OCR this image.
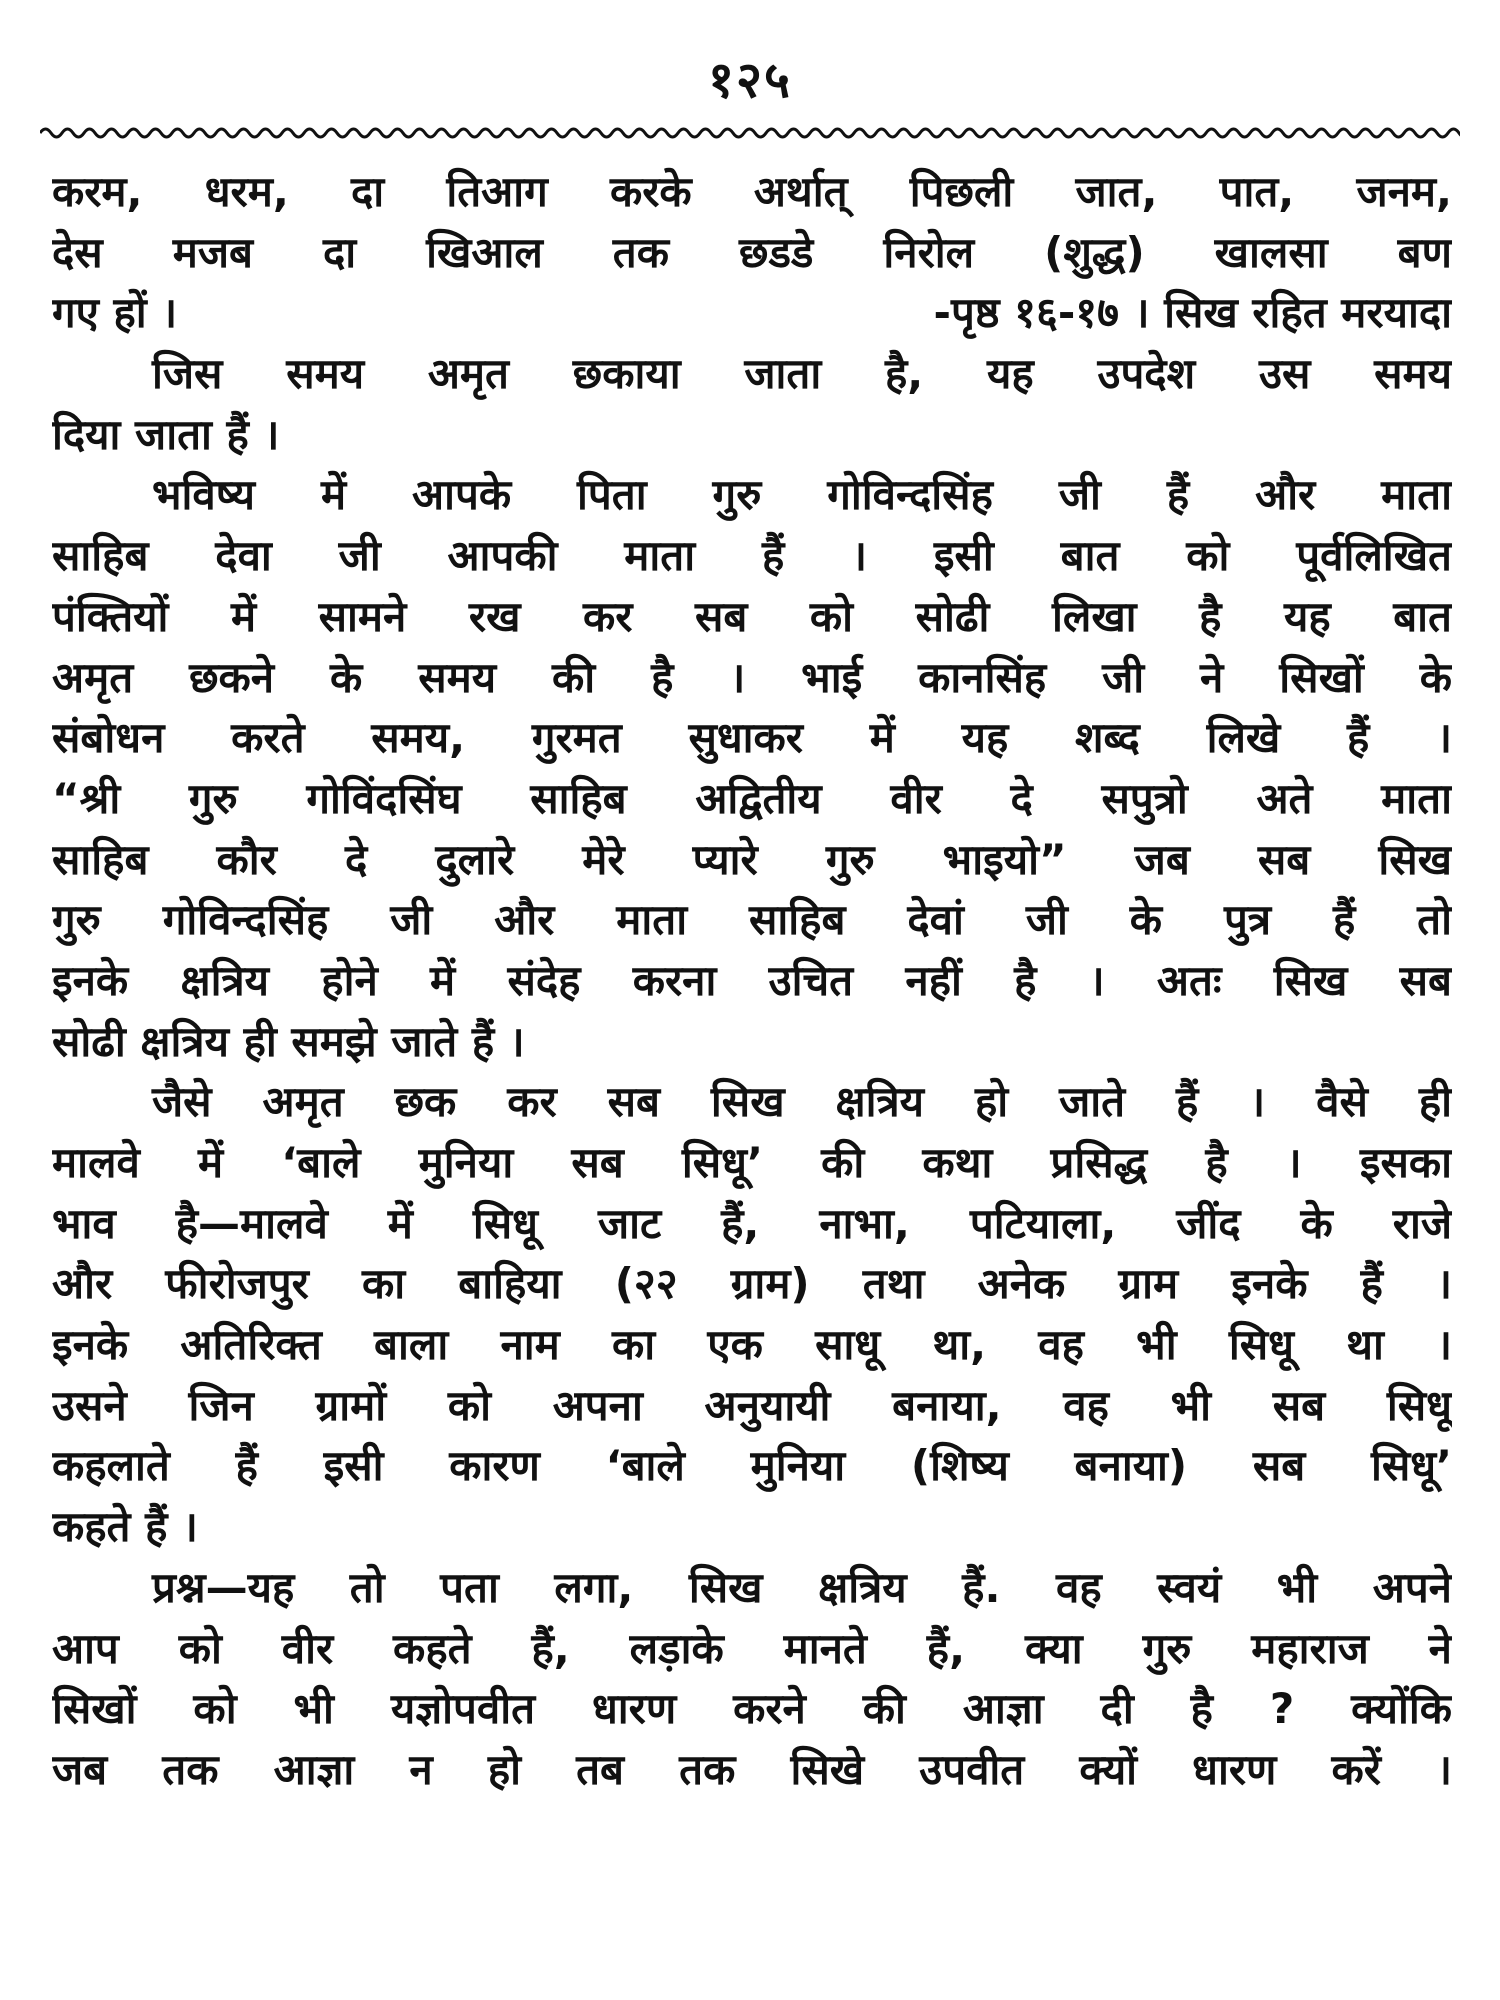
१२५
करम, धरम, दा तिआग करके अर्थात् पिछली जात, पात, जनम,
देस मजब दा खिआल तक छडडे निरोल (शुद्ध) खालसा बण
गए हों ।	-पृष्ठ १६-१७ । सिख रहित मरयादा
जिस समय अमृत छकाया जाता है, यह उपदेश उस समय
दिया जाता हैं ।
भविष्य में आपके पिता गुरु गोविन्दसिंह जी हैं और माता
साहिब देवा जी आपकी माता हैं । इसी बात को पूर्वलिखित
पंक्तियों में सामने रख कर सब को सोढी लिखा है यह बात
अमृत छकने के समय की है । भाई कानसिंह जी ने सिखों के
संबोधन करते समय, गुरमत सुधाकर में यह शब्द लिखे हैं ।
“श्री गुरु गोविंदसिंघ साहिब अद्वितीय वीर दे सपुत्रो अते माता
साहिब कौर दे दुलारे मेरे प्यारे गुरु भाइयो” जब सब सिख
गुरु गोविन्दसिंह जी और माता साहिब देवां जी के पुत्र हैं तो
इनके क्षत्रिय होने में संदेह करना उचित नहीं है । अतः सिख सब
सोढी क्षत्रिय ही समझे जाते हैं ।
जैसे अमृत छक कर सब सिख क्षत्रिय हो जाते हैं । वैसे ही
मालवे में ‘बाले मुनिया सब सिधू’ की कथा प्रसिद्ध है । इसका
भाव है—मालवे में सिधू जाट हैं, नाभा, पटियाला, जींद के राजे
और फीरोजपुर का बाहिया (२२ ग्राम) तथा अनेक ग्राम इनके हैं ।
इनके अतिरिक्त बाला नाम का एक साधू था, वह भी सिधू था ।
उसने जिन ग्रामों को अपना अनुयायी बनाया, वह भी सब सिधू
कहलाते हैं इसी कारण ‘बाले मुनिया (शिष्य बनाया) सब सिधू’
कहते हैं ।
प्रश्न—यह तो पता लगा, सिख क्षत्रिय हैं. वह स्वयं भी अपने
आप को वीर कहते हैं, लड़ाके मानते हैं, क्या गुरु महाराज ने
सिखों को भी यज्ञोपवीत धारण करने की आज्ञा दी है ? क्योंकि
जब तक आज्ञा न हो तब तक सिखे उपवीत क्यों धारण करें ।
